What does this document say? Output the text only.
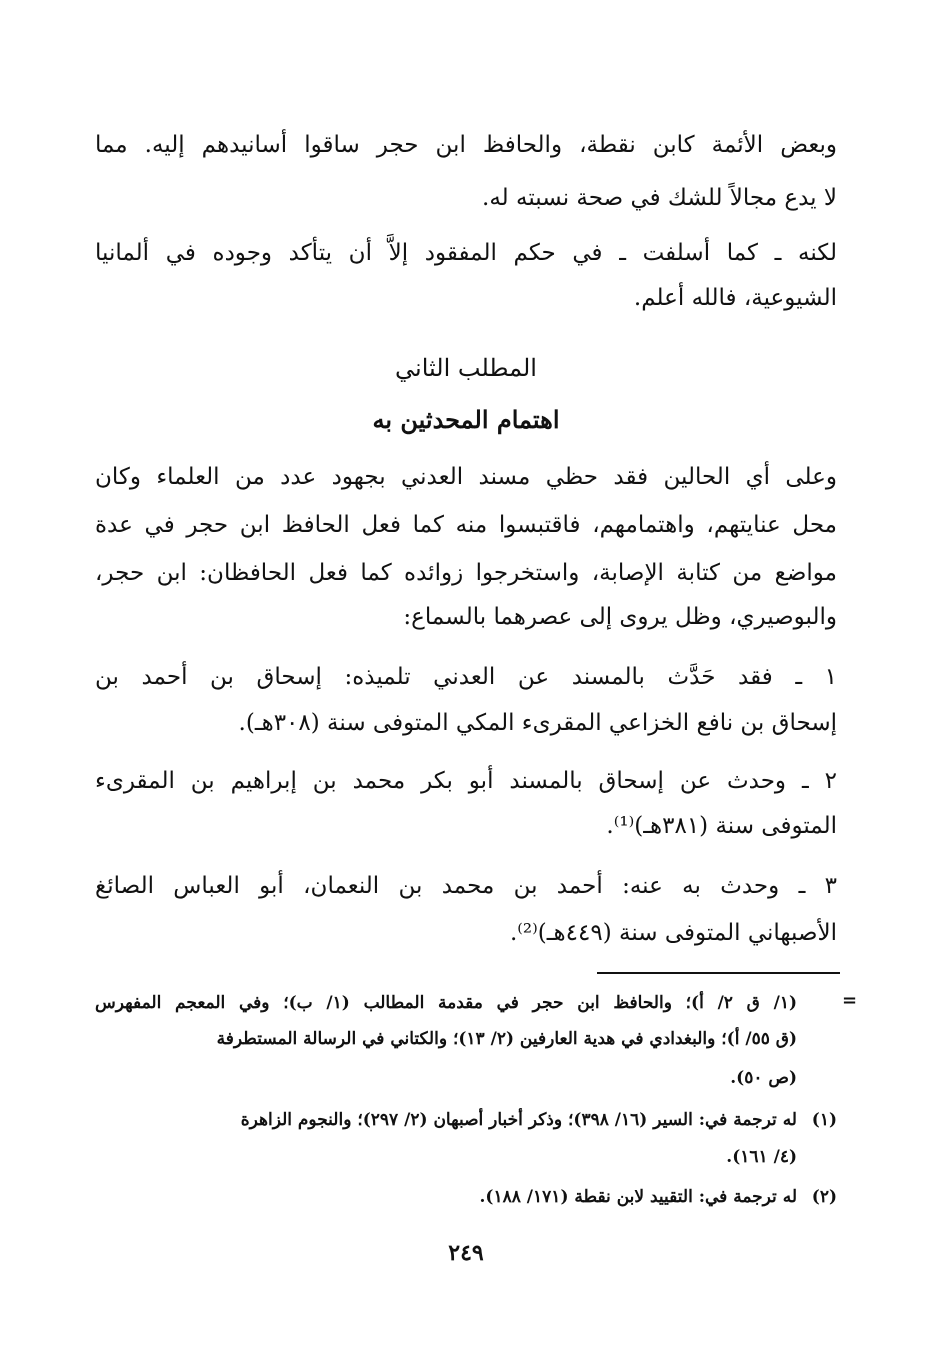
وبعض الأئمة كابن نقطة، والحافظ ابن حجر ساقوا أسانيدهم إليه. مما
لا يدع مجالاً للشك في صحة نسبته له.
لكنه ـ كما أسلفت ـ في حكم المفقود إلاَّ أن يتأكد وجوده في ألمانيا
الشيوعية، فالله أعلم.
المطلب الثاني
اهتمام المحدثين به
وعلى أي الحالين فقد حظي مسند العدني بجهود عدد من العلماء وكان
محل عنايتهم، واهتمامهم، فاقتبسوا منه كما فعل الحافظ ابن حجر في عدة
مواضع من كتابة الإصابة، واستخرجوا زوائده كما فعل الحافظان: ابن حجر،
والبوصيري، وظل يروى إلى عصرهما بالسماع:
١ ـ فقد حَدَّث بالمسند عن العدني تلميذه: إسحاق بن أحمد بن
إسحاق بن نافع الخزاعي المقرىء المكي المتوفى سنة (٣٠٨هـ).
٢ ـ وحدث عن إسحاق بالمسند أبو بكر محمد بن إبراهيم بن المقرىء
المتوفى سنة (٣٨١هـ)⁽¹⁾.
٣ ـ وحدث به عنه: أحمد بن محمد بن النعمان، أبو العباس الصائغ
الأصبهاني المتوفى سنة (٤٤٩هـ)⁽²⁾.
=
(١/ ق ٢/ أ)؛ والحافظ ابن حجر في مقدمة المطالب (١/ ب)؛ وفي المعجم المفهرس
(ق ٥٥/ أ)؛ والبغدادي في هدية العارفين (٢/ ١٣)؛ والكتاني في الرسالة المستطرفة
(ص ٥٠).
(١)له ترجمة في: السير (١٦/ ٣٩٨)؛ وذكر أخبار أصبهان (٢/ ٢٩٧)؛ والنجوم الزاهرة
(٤/ ١٦١).
(٢)له ترجمة في: التقييد لابن نقطة (١٧١/ ١٨٨).
٢٤٩
